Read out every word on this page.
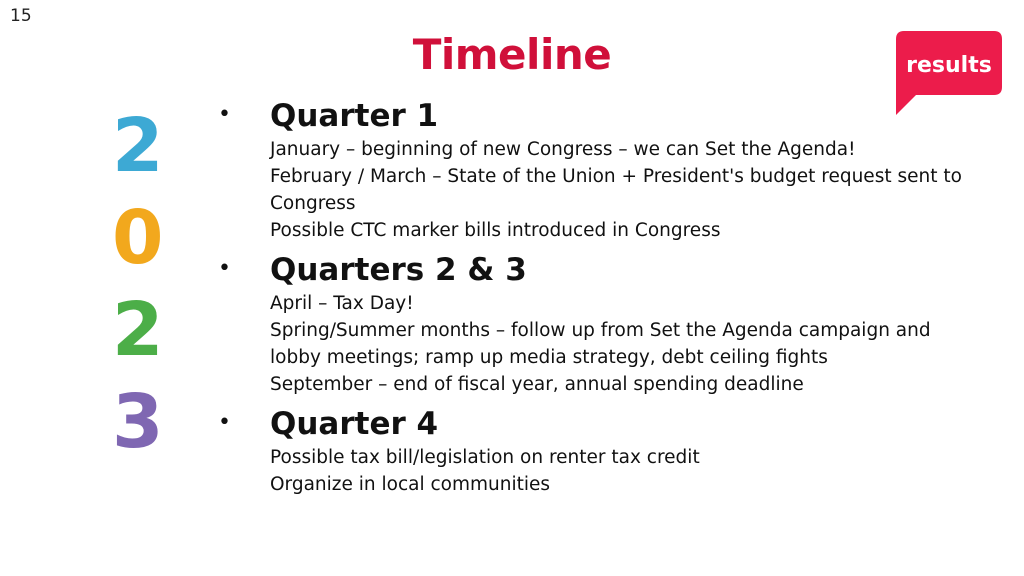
15
Timeline	results
2
0
2
3
• Quarter 1
January – beginning of new Congress – we can Set the Agenda!
February / March – State of the Union + President's budget request sent to Congress
Possible CTC marker bills introduced in Congress
• Quarters 2 & 3
April – Tax Day!
Spring/Summer months – follow up from Set the Agenda campaign and lobby meetings; ramp up media strategy, debt ceiling fights
September – end of fiscal year, annual spending deadline
• Quarter 4
Possible tax bill/legislation on renter tax credit
Organize in local communities
